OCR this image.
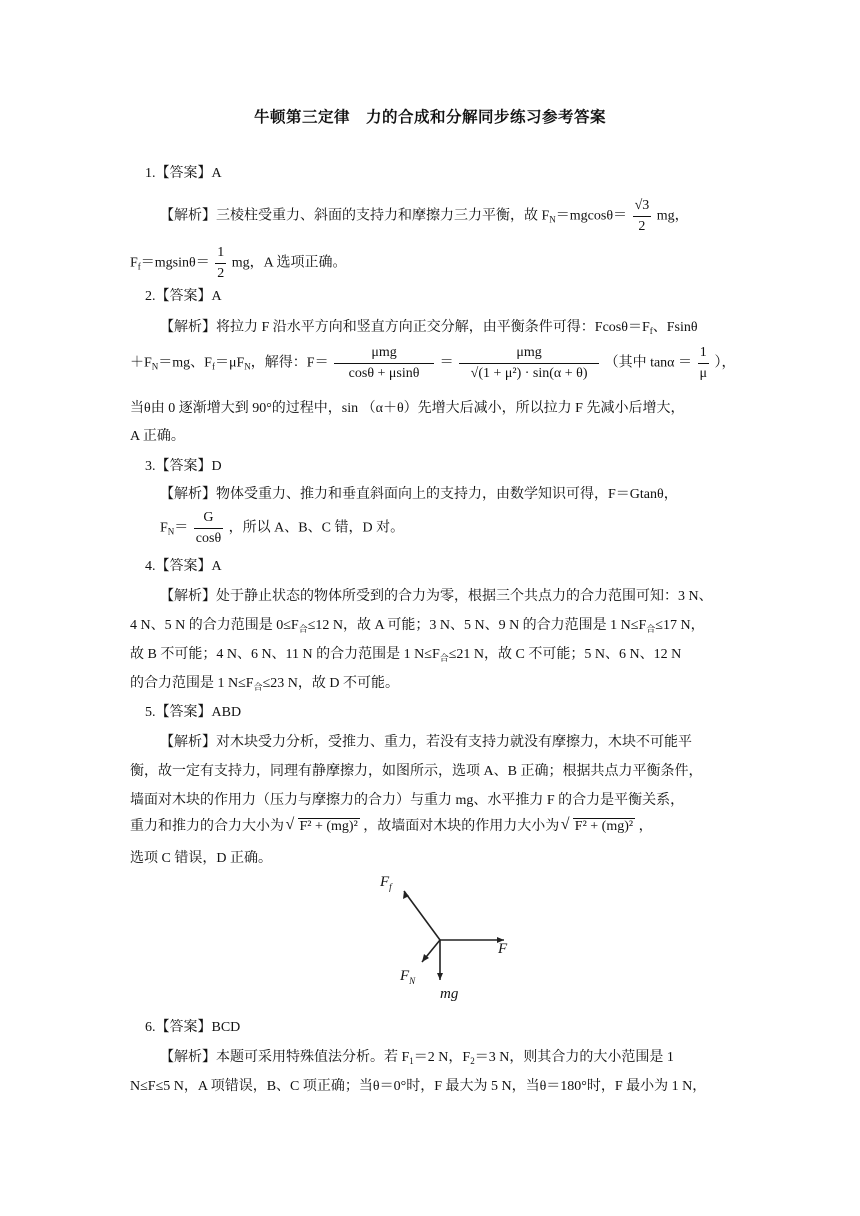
牛顿第三定律　力的合成和分解同步练习参考答案
1.【答案】A
【解析】三棱柱受重力、斜面的支持力和摩擦力三力平衡，故 $F_N=mgcos\theta= \frac{√3}{2}$ mg，
$F_f=mgsin\theta= \frac{1}{2}$ mg，A 选项正确。
2.【答案】A
【解析】将拉力 F 沿水平方向和竖直方向正交分解，由平衡条件可得：$Fcos\theta=F_f$、Fsinθ
$+F_N=mg$、$F_f=\mu F_N$，解得：$F= \frac{\text{μmg}}{\cos\theta + \mu\sin\theta} = \frac{\text{μmg}}{\text{√(1 + μ²) · sin(α + θ)}}$ （其中 $\tan\alpha = \frac{1}{\mu}$ ），
当θ由 0 逐渐增大到 90°的过程中，sin （α＋θ）先增大后减小，所以拉力 F 先减小后增大，
A 正确。
3.【答案】D
【解析】物体受重力、推力和垂直斜面向上的支持力，由数学知识可得，F＝Gtanθ，
$F_N= \frac{G}{\cos\theta}$ ，所以 A、B、C 错，D 对。
4.【答案】A
【解析】处于静止状态的物体所受到的合力为零，根据三个共点力的合力范围可知：3 N、
4 N、5 N 的合力范围是 $0\le F_合\le 12$ N，故 A 可能；3 N、5 N、9 N 的合力范围是 1 $N\le F_合\le 17$ N，
故 B 不可能；4 N、6 N、11 N 的合力范围是 1 $N\le F_合\le 21$ N，故 C 不可能；5 N、6 N、12 N
的合力范围是 1 $N\le F_合\le 23$ N，故 D 不可能。
5.【答案】ABD
【解析】对木块受力分析，受推力、重力，若没有支持力就没有摩擦力，木块不可能平
衡，故一定有支持力，同理有静摩擦力，如图所示，选项 A、B 正确；根据共点力平衡条件，
墙面对木块的作用力（压力与摩擦力的合力）与重力 mg、水平推力 F 的合力是平衡关系，
重力和推力的合力大小为 √ F² + (mg)² ，故墙面对木块的作用力大小为 √ F² + (mg)² ，
选项 C 错误，D 正确。
$F_f$
F
$F_N$
mg
6.【答案】BCD
【解析】本题可采用特殊值法分析。若 $F_1=2$ N，$F_2=3$ N，则其合力的大小范围是 1
N≤F≤5 N，A 项错误，B、C 项正确；当θ＝0°时，F 最大为 5 N，当θ＝180°时，F 最小为 1 N，
